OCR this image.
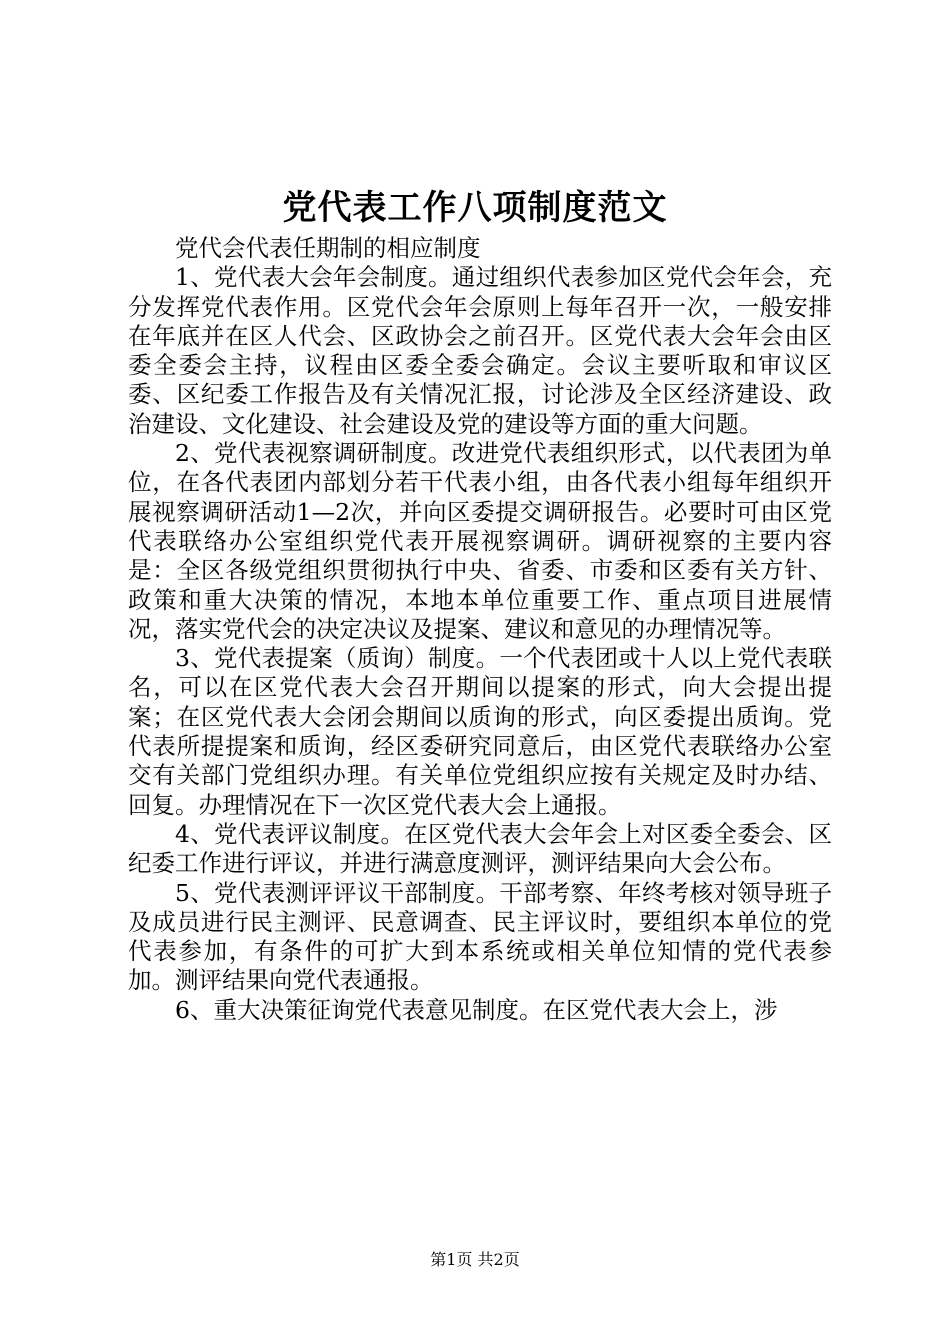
党代表工作八项制度范文

党代会代表任期制的相应制度

1、党代表大会年会制度。通过组织代表参加区党代会年会，充分发挥党代表作用。区党代会年会原则上每年召开一次，一般安排在年底并在区人代会、区政协会之前召开。区党代表大会年会由区委全委会主持，议程由区委全委会确定。会议主要听取和审议区委、区纪委工作报告及有关情况汇报，讨论涉及全区经济建设、政治建设、文化建设、社会建设及党的建设等方面的重大问题。

2、党代表视察调研制度。改进党代表组织形式，以代表团为单位，在各代表团内部划分若干代表小组，由各代表小组每年组织开展视察调研活动1—2次，并向区委提交调研报告。必要时可由区党代表联络办公室组织党代表开展视察调研。调研视察的主要内容是：全区各级党组织贯彻执行中央、省委、市委和区委有关方针、政策和重大决策的情况，本地本单位重要工作、重点项目进展情况，落实党代会的决定决议及提案、建议和意见的办理情况等。

3、党代表提案（质询）制度。一个代表团或十人以上党代表联名，可以在区党代表大会召开期间以提案的形式，向大会提出提案；在区党代表大会闭会期间以质询的形式，向区委提出质询。党代表所提提案和质询，经区委研究同意后，由区党代表联络办公室交有关部门党组织办理。有关单位党组织应按有关规定及时办结、回复。办理情况在下一次区党代表大会上通报。

4、党代表评议制度。在区党代表大会年会上对区委全委会、区纪委工作进行评议，并进行满意度测评，测评结果向大会公布。

5、党代表测评评议干部制度。干部考察、年终考核对领导班子及成员进行民主测评、民意调查、民主评议时，要组织本单位的党代表参加，有条件的可扩大到本系统或相关单位知情的党代表参加。测评结果向党代表通报。

6、重大决策征询党代表意见制度。在区党代表大会上，涉

第1页 共2页
